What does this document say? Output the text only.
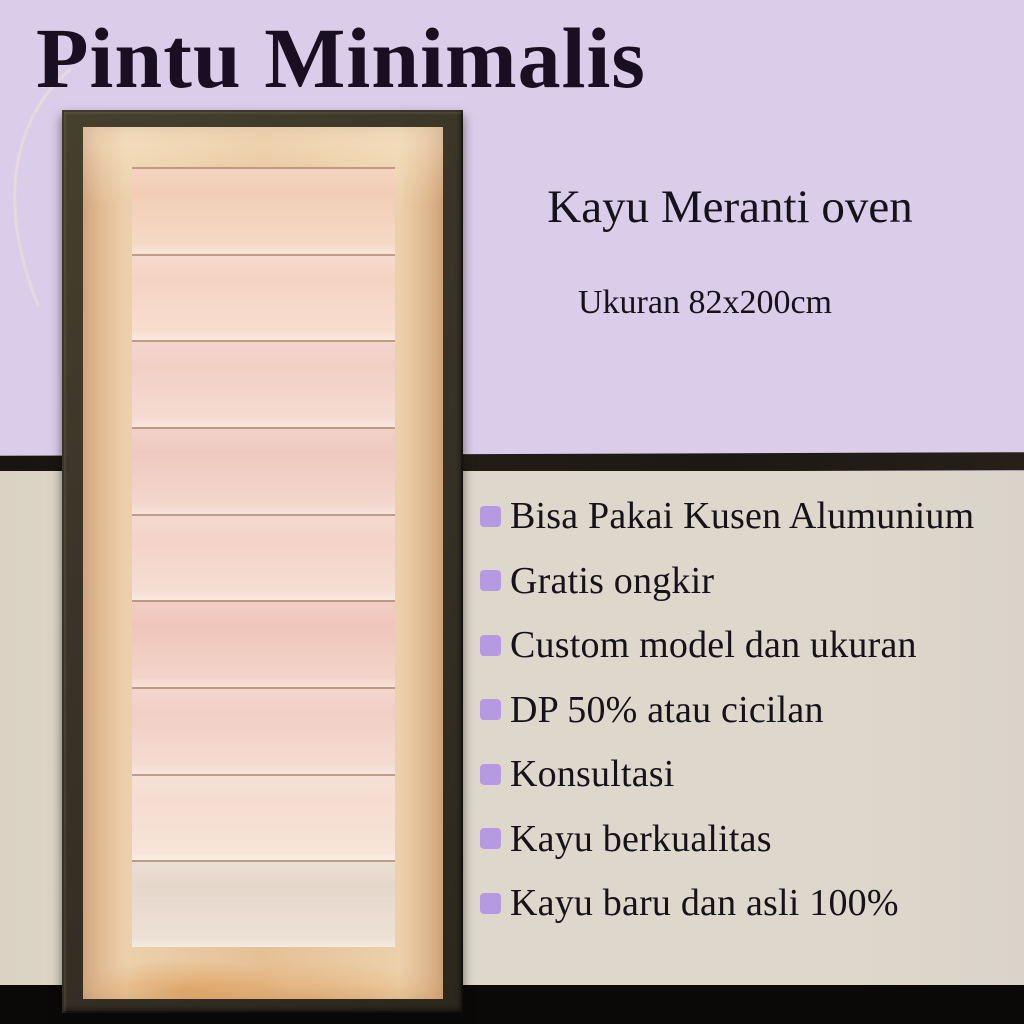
Pintu Minimalis
Kayu Meranti oven
Ukuran 82x200cm
Bisa Pakai Kusen Alumunium
Gratis ongkir
Custom model dan ukuran
DP 50% atau cicilan
Konsultasi
Kayu berkualitas
Kayu baru dan asli 100%
